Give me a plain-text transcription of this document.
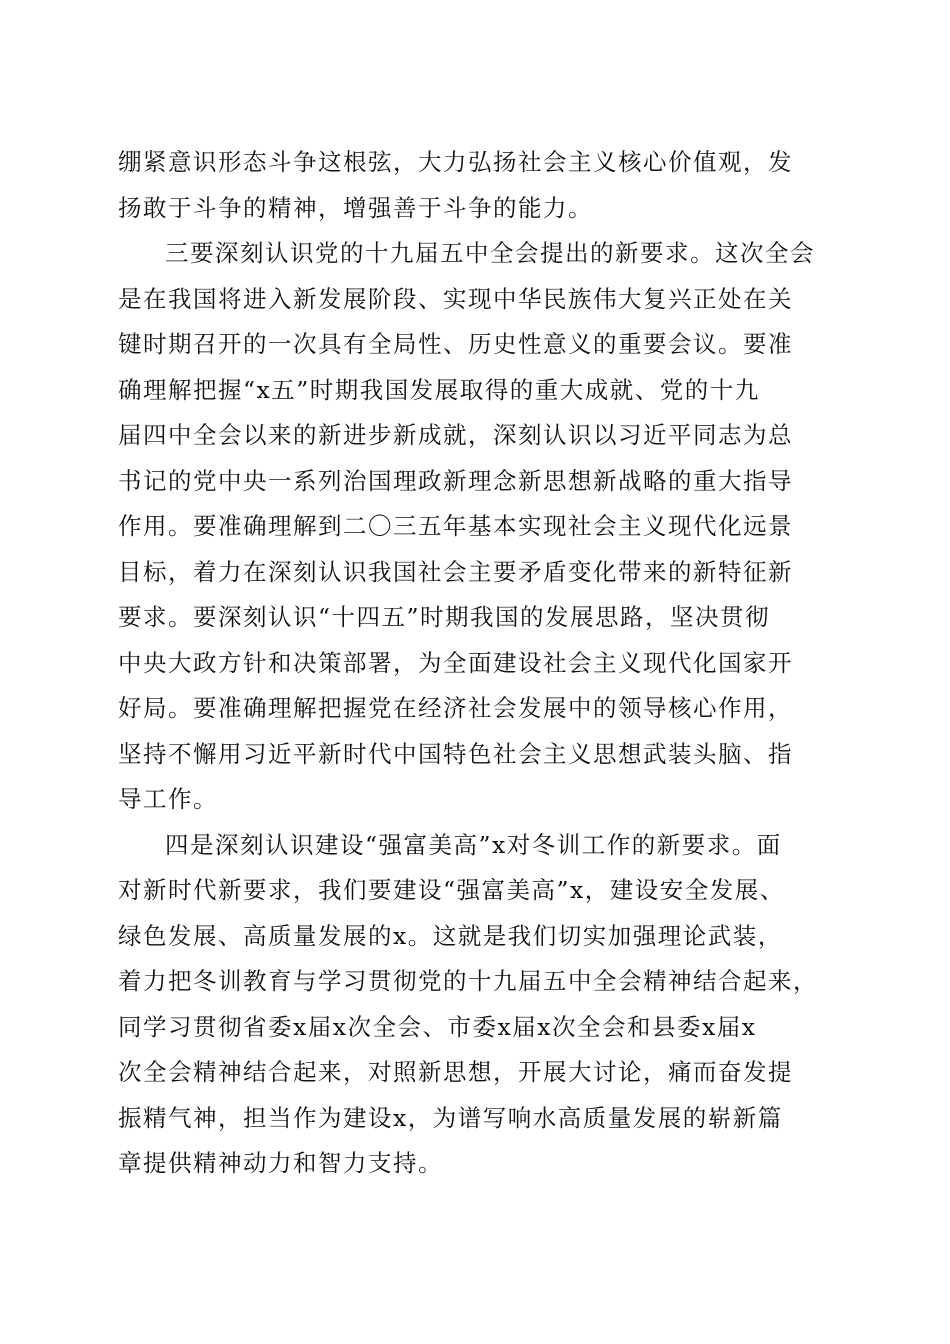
绷紧意识形态斗争这根弦，大力弘扬社会主义核心价值观，发
扬敢于斗争的精神，增强善于斗争的能力。

三要深刻认识党的十九届五中全会提出的新要求。这次全会
是在我国将进入新发展阶段、实现中华民族伟大复兴正处在关
键时期召开的一次具有全局性、历史性意义的重要会议。要准
确理解把握“x五”时期我国发展取得的重大成就、党的十九
届四中全会以来的新进步新成就，深刻认识以习近平同志为总
书记的党中央一系列治国理政新理念新思想新战略的重大指导
作用。要准确理解到二〇三五年基本实现社会主义现代化远景
目标，着力在深刻认识我国社会主要矛盾变化带来的新特征新
要求。要深刻认识“十四五”时期我国的发展思路，坚决贯彻
中央大政方针和决策部署，为全面建设社会主义现代化国家开
好局。要准确理解把握党在经济社会发展中的领导核心作用，
坚持不懈用习近平新时代中国特色社会主义思想武装头脑、指
导工作。

四是深刻认识建设“强富美高”x对冬训工作的新要求。面
对新时代新要求，我们要建设“强富美高”x，建设安全发展、
绿色发展、高质量发展的x。这就是我们切实加强理论武装，
着力把冬训教育与学习贯彻党的十九届五中全会精神结合起来，
同学习贯彻省委x届x次全会、市委x届x次全会和县委x届x
次全会精神结合起来，对照新思想，开展大讨论，痛而奋发提
振精气神，担当作为建设x，为谱写响水高质量发展的崭新篇
章提供精神动力和智力支持。
